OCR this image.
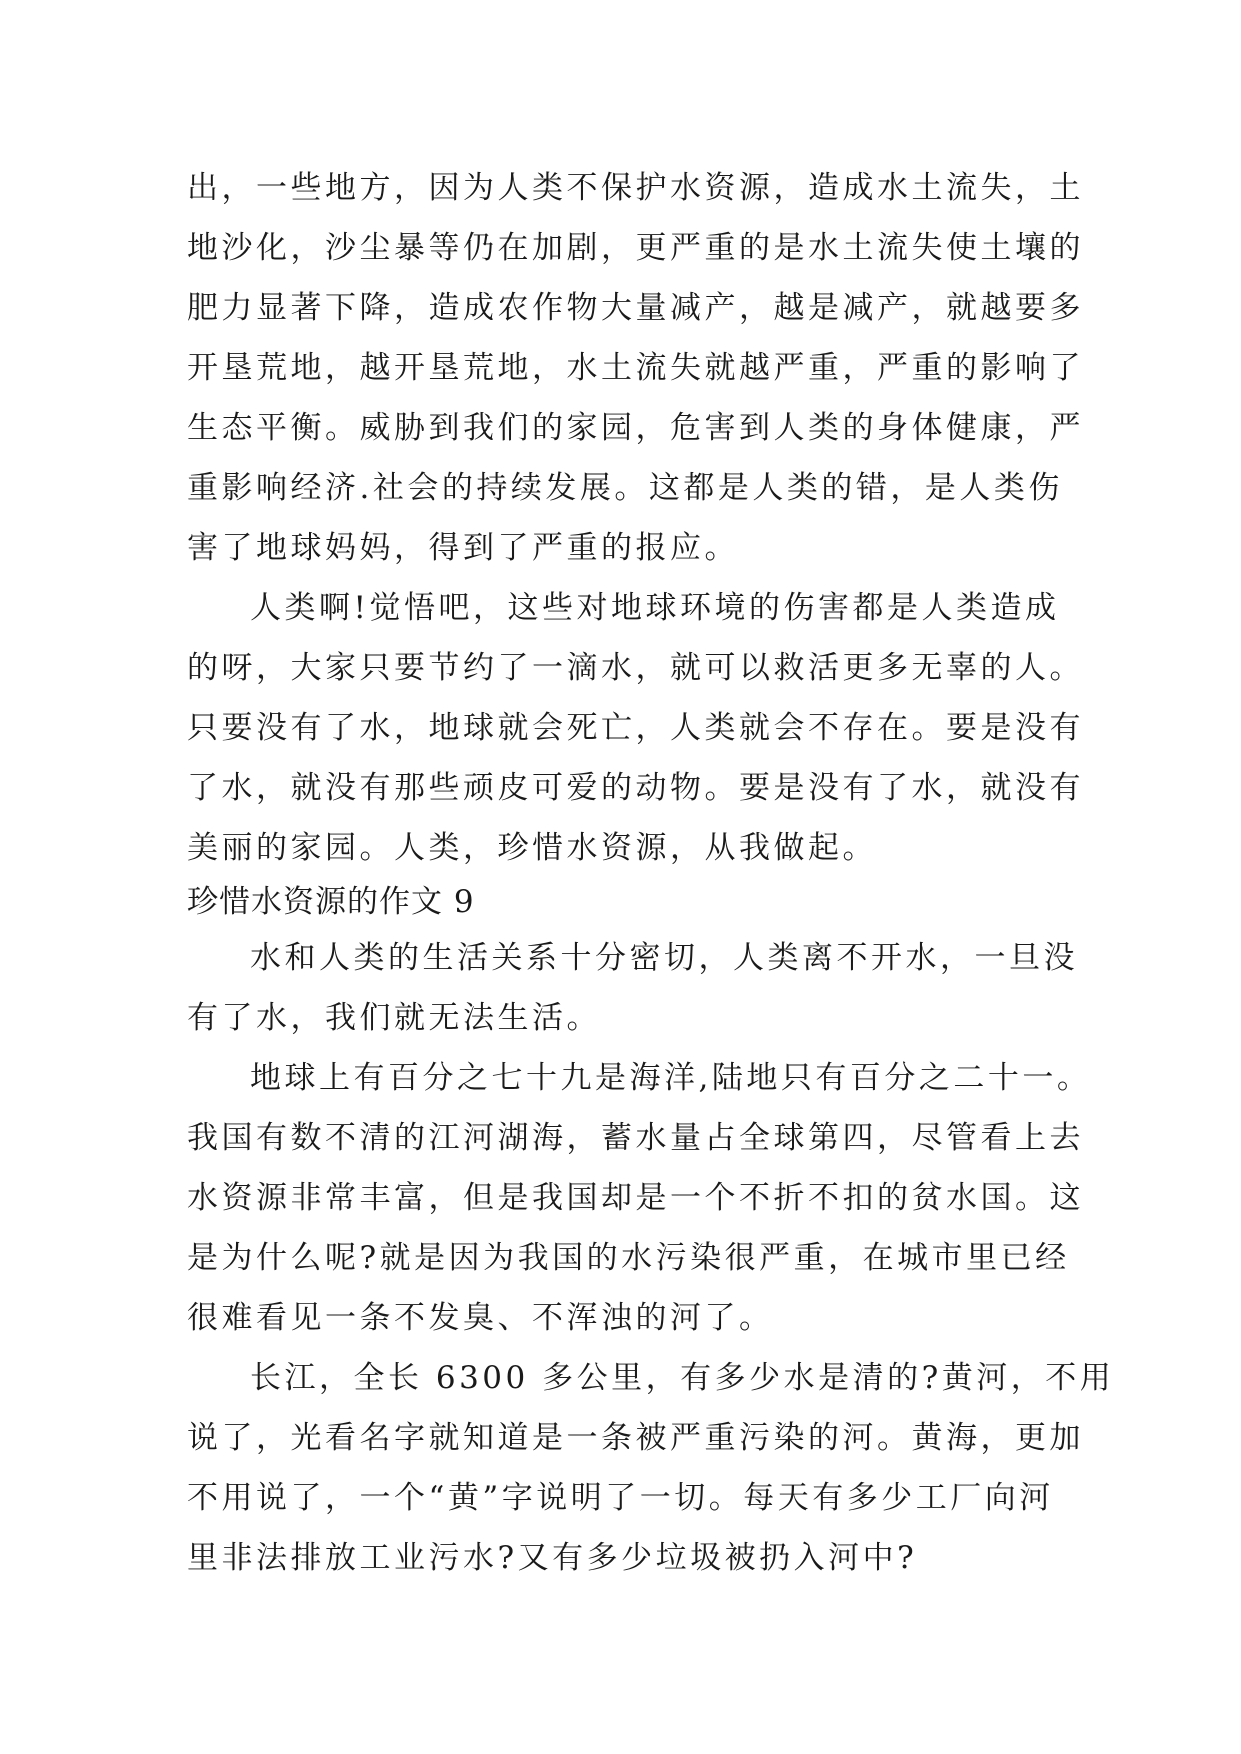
出，一些地方，因为人类不保护水资源，造成水土流失，土
地沙化，沙尘暴等仍在加剧，更严重的是水土流失使土壤的
肥力显著下降，造成农作物大量减产，越是减产，就越要多
开垦荒地，越开垦荒地，水土流失就越严重，严重的影响了
生态平衡。威胁到我们的家园，危害到人类的身体健康，严
重影响经济.社会的持续发展。这都是人类的错，是人类伤
害了地球妈妈，得到了严重的报应。
人类啊!觉悟吧，这些对地球环境的伤害都是人类造成
的呀，大家只要节约了一滴水，就可以救活更多无辜的人。
只要没有了水，地球就会死亡，人类就会不存在。要是没有
了水，就没有那些顽皮可爱的动物。要是没有了水，就没有
美丽的家园。人类，珍惜水资源，从我做起。
珍惜水资源的作文 9
水和人类的生活关系十分密切，人类离不开水，一旦没
有了水，我们就无法生活。
地球上有百分之七十九是海洋,陆地只有百分之二十一。
我国有数不清的江河湖海，蓄水量占全球第四，尽管看上去
水资源非常丰富，但是我国却是一个不折不扣的贫水国。这
是为什么呢?就是因为我国的水污染很严重，在城市里已经
很难看见一条不发臭、不浑浊的河了。
长江，全长 6300 多公里，有多少水是清的?黄河，不用
说了，光看名字就知道是一条被严重污染的河。黄海，更加
不用说了，一个“黄”字说明了一切。每天有多少工厂向河
里非法排放工业污水?又有多少垃圾被扔入河中?
